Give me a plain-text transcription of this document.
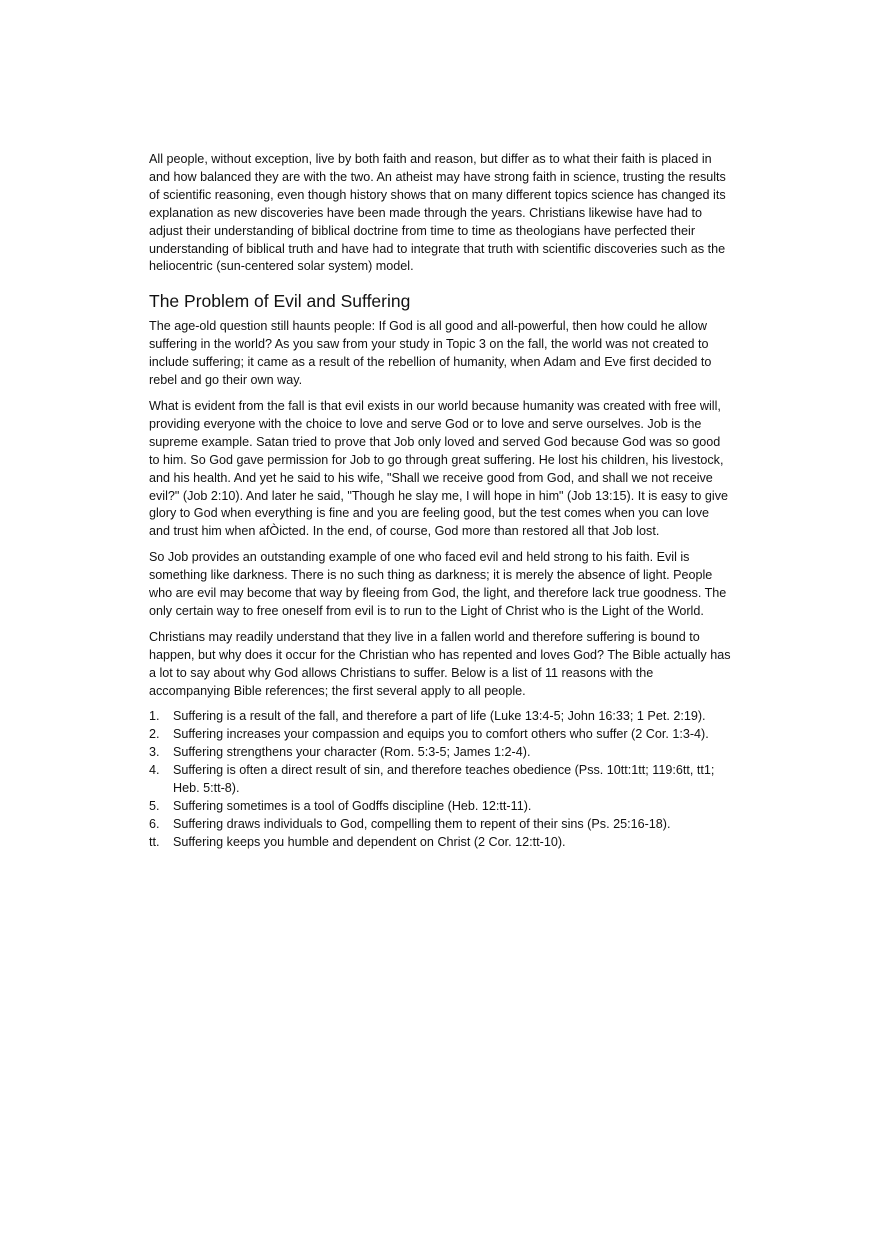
All people, without exception, live by both faith and reason, but differ as to what their faith is placed in and how balanced they are with the two. An atheist may have strong faith in science, trusting the results of scientific reasoning, even though history shows that on many different topics science has changed its explanation as new discoveries have been made through the years. Christians likewise have had to adjust their understanding of biblical doctrine from time to time as theologians have perfected their understanding of biblical truth and have had to integrate that truth with scientific discoveries such as the heliocentric (sun-centered solar system) model.

The Problem of Evil and Suffering

The age-old question still haunts people: If God is all good and all-powerful, then how could he allow suffering in the world? As you saw from your study in Topic 3 on the fall, the world was not created to include suffering; it came as a result of the rebellion of humanity, when Adam and Eve first decided to rebel and go their own way.

What is evident from the fall is that evil exists in our world because humanity was created with free will, providing everyone with the choice to love and serve God or to love and serve ourselves. Job is the supreme example. Satan tried to prove that Job only loved and served God because God was so good to him. So God gave permission for Job to go through great suffering. He lost his children, his livestock, and his health. And yet he said to his wife, "Shall we receive good from God, and shall we not receive evil?" (Job 2:10). And later he said, "Though he slay me, I will hope in him" (Job 13:15). It is easy to give glory to God when everything is fine and you are feeling good, but the test comes when you can love and trust him when afÒicted. In the end, of course, God more than restored all that Job lost.

So Job provides an outstanding example of one who faced evil and held strong to his faith. Evil is something like darkness. There is no such thing as darkness; it is merely the absence of light. People who are evil may become that way by fleeing from God, the light, and therefore lack true goodness. The only certain way to free oneself from evil is to run to the Light of Christ who is the Light of the World.

Christians may readily understand that they live in a fallen world and therefore suffering is bound to happen, but why does it occur for the Christian who has repented and loves God? The Bible actually has a lot to say about why God allows Christians to suffer. Below is a list of 11 reasons with the accompanying Bible references; the first several apply to all people.

1.	Suffering is a result of the fall, and therefore a part of life (Luke 13:4-5; John 16:33; 1 Pet. 2:19).
2.	Suffering increases your compassion and equips you to comfort others who suffer (2 Cor. 1:3-4).
3.	Suffering strengthens your character (Rom. 5:3-5; James 1:2-4).
4.	Suffering is often a direct result of sin, and therefore teaches obedience (Pss. 10tt:1tt; 119:6tt, tt1; Heb. 5:tt-8).
5.	Suffering sometimes is a tool of Godffs discipline (Heb. 12:tt-11).
6.	Suffering draws individuals to God, compelling them to repent of their sins (Ps. 25:16-18).
tt.	Suffering keeps you humble and dependent on Christ (2 Cor. 12:tt-10).
